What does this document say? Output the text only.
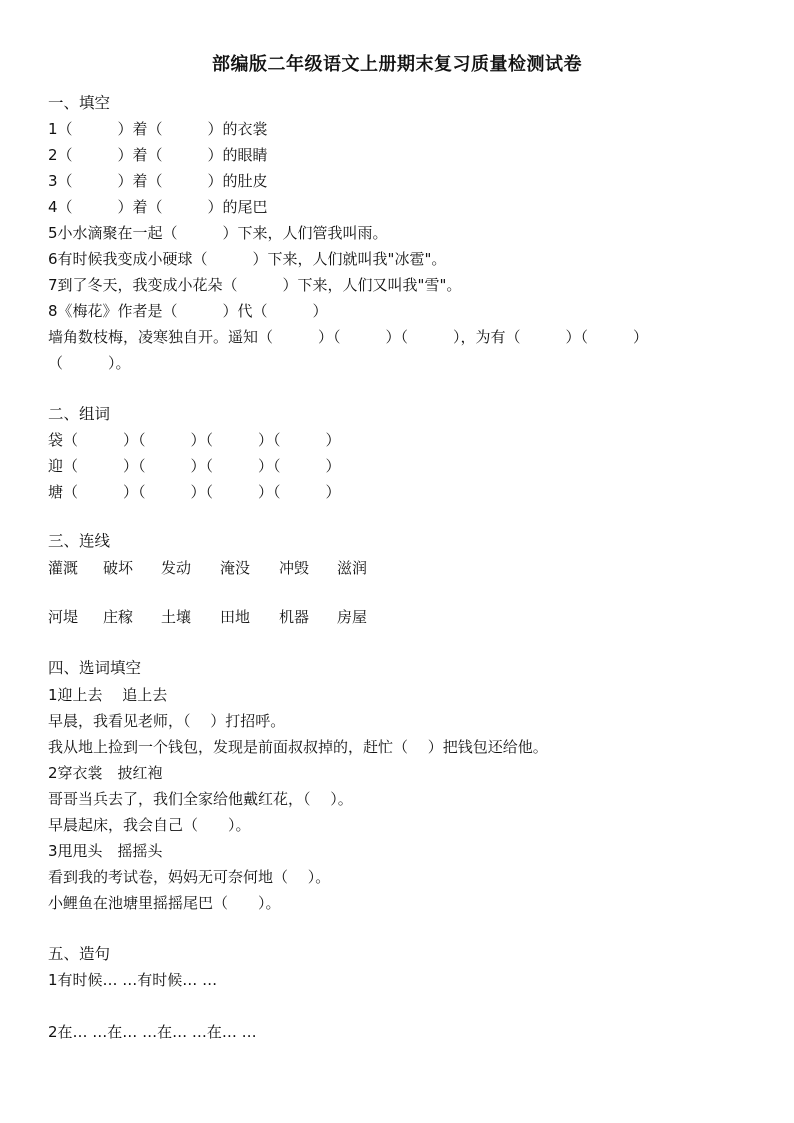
部编版二年级语文上册期末复习质量检测试卷
一、填空
1（　　　）着（　　　）的衣裳
2（　　　）着（　　　）的眼睛
3（　　　）着（　　　）的肚皮
4（　　　）着（　　　）的尾巴
5小水滴聚在一起（　　　）下来，人们管我叫雨。
6有时候我变成小硬球（　　　）下来，人们就叫我"冰雹"。
7到了冬天，我变成小花朵（　　　）下来，人们又叫我"雪"。
8《梅花》作者是（　　　）代（　　　）
墙角数枝梅，凌寒独自开。遥知（　　　）（　　　）（　　　），为有（　　　）（　　　）
（　　　）。
二、组词
袋（　　　）（　　　）（　　　）（　　　）
迎（　　　）（　　　）（　　　）（　　　）
塘（　　　）（　　　）（　　　）（　　　）
三、连线
灌溉 破坏 发动 淹没 冲毁 滋润
河堤 庄稼 土壤 田地 机器 房屋
四、选词填空
1迎上去　 追上去
早晨，我看见老师，（　 ）打招呼。
我从地上捡到一个钱包，发现是前面叔叔掉的，赶忙（　 ）把钱包还给他。
2穿衣裳　披红袍
哥哥当兵去了，我们全家给他戴红花，（　 ）。
早晨起床，我会自己（　　）。
3甩甩头　摇摇头
看到我的考试卷，妈妈无可奈何地（　 ）。
小鲤鱼在池塘里摇摇尾巴（　　）。
五、造句
1有时候… …有时候… …
2在… …在… …在… …在… …
